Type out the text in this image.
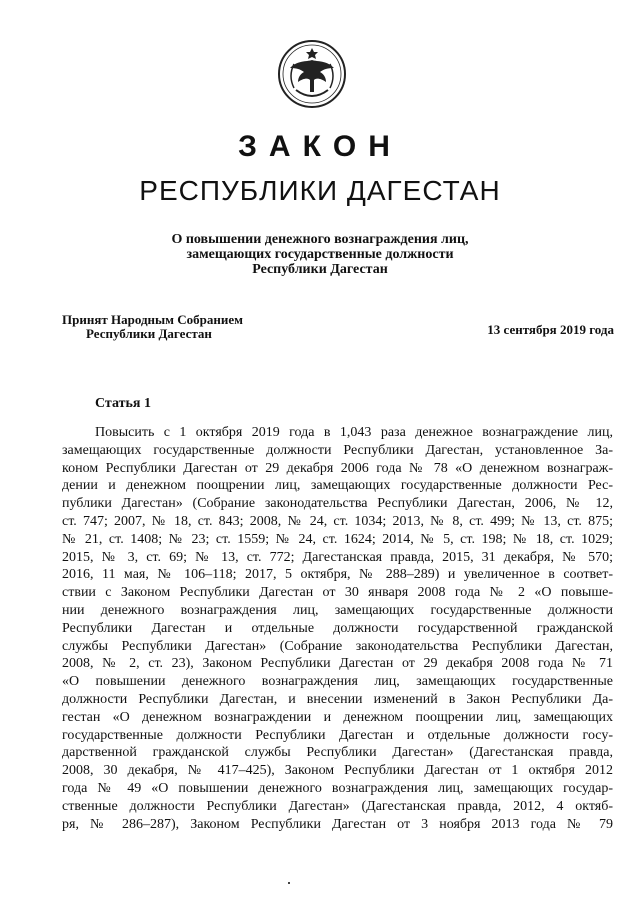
ЗАКОН
РЕСПУБЛИКИ ДАГЕСТАН
О повышении денежного вознаграждения лиц,
замещающих государственные должности
Республики Дагестан
Принят Народным Собранием
Республики Дагестан	13 сентября 2019 года
Статья 1
Повысить с 1 октября 2019 года в 1,043 раза денежное вознаграждение лиц,
замещающих государственные должности Республики Дагестан, установленное За-
коном Республики Дагестан от 29 декабря 2006 года № 78 «О денежном вознаграж-
дении и денежном поощрении лиц, замещающих государственные должности Рес-
публики Дагестан» (Собрание законодательства Республики Дагестан, 2006, № 12,
ст. 747; 2007, № 18, ст. 843; 2008, № 24, ст. 1034; 2013, № 8, ст. 499; № 13, ст. 875;
№ 21, ст. 1408; № 23; ст. 1559; № 24, ст. 1624; 2014, № 5, ст. 198; № 18, ст. 1029;
2015, № 3, ст. 69; № 13, ст. 772; Дагестанская правда, 2015, 31 декабря, № 570;
2016, 11 мая, № 106–118; 2017, 5 октября, № 288–289) и увеличенное в соответ-
ствии с Законом Республики Дагестан от 30 января 2008 года № 2 «О повыше-
нии денежного вознаграждения лиц, замещающих государственные должности
Республики Дагестан и отдельные должности государственной гражданской
службы Республики Дагестан» (Собрание законодательства Республики Дагестан,
2008, № 2, ст. 23), Законом Республики Дагестан от 29 декабря 2008 года № 71
«О повышении денежного вознаграждения лиц, замещающих государственные
должности Республики Дагестан, и внесении изменений в Закон Республики Да-
гестан «О денежном вознаграждении и денежном поощрении лиц, замещающих
государственные должности Республики Дагестан и отдельные должности госу-
дарственной гражданской службы Республики Дагестан» (Дагестанская правда,
2008, 30 декабря, № 417–425), Законом Республики Дагестан от 1 октября 2012
года № 49 «О повышении денежного вознаграждения лиц, замещающих государ-
ственные должности Республики Дагестан» (Дагестанская правда, 2012, 4 октяб-
ря, № 286–287), Законом Республики Дагестан от 3 ноября 2013 года № 79
